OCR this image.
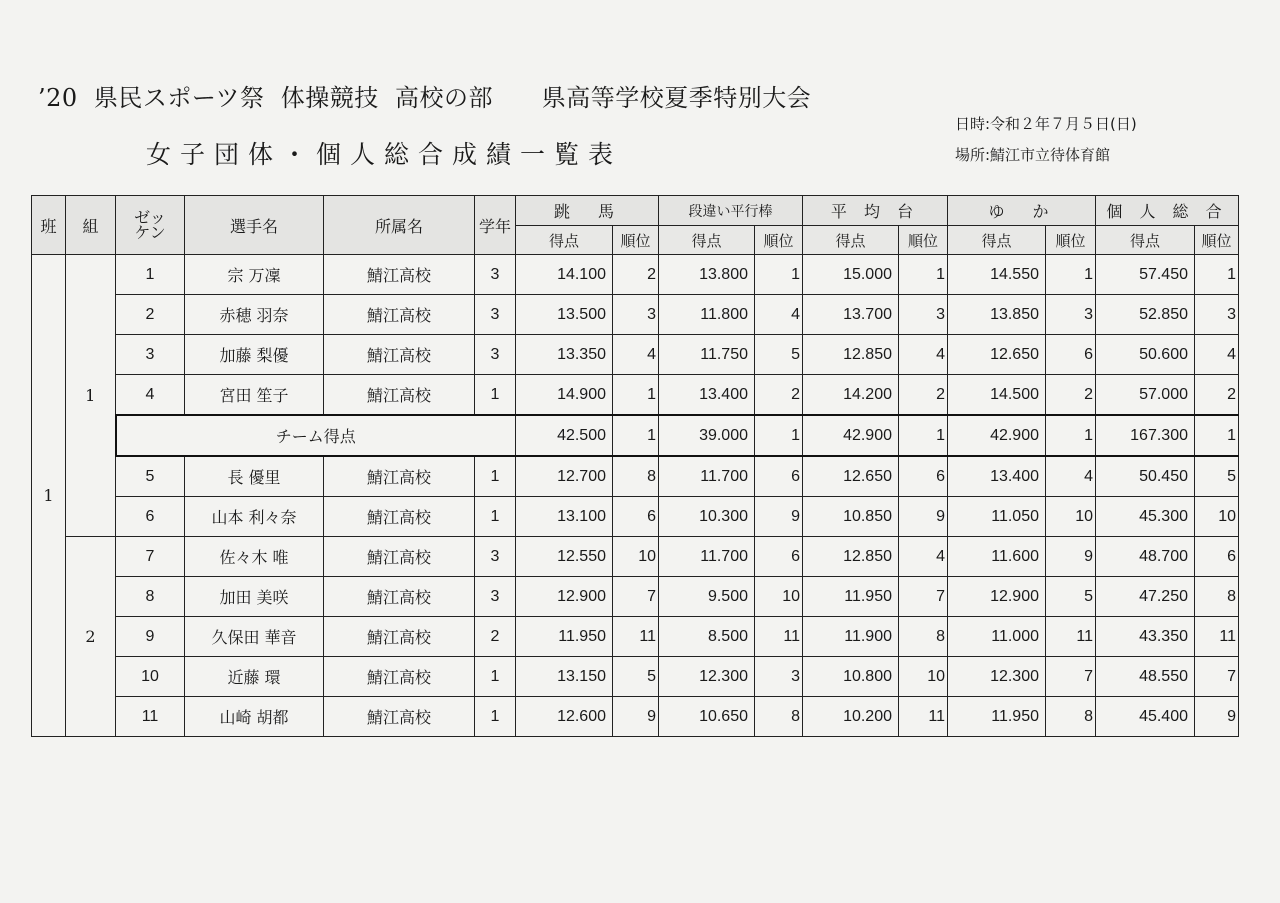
’20  県民スポーツ祭  体操競技  高校の部      県高等学校夏季特別大会
女子団体・個人総合成績一覧表
日時:令和２年７月５日(日)
場所:鯖江市立待体育館
班	組	ゼッ ケン	選手名	所属名	学年	跳　馬		段違い平行棒		平 均 台		ゆ　か		個 人 総 合	
						得点	順位	得点	順位	得点	順位	得点	順位	得点	順位
1	1	1	宗 万凜	鯖江高校	3	14.100	2	13.800	1	15.000	1	14.550	1	57.450	1
		2	赤穂 羽奈	鯖江高校	3	13.500	3	11.800	4	13.700	3	13.850	3	52.850	3
		3	加藤 梨優	鯖江高校	3	13.350	4	11.750	5	12.850	4	12.650	6	50.600	4
		4	宮田 笙子	鯖江高校	1	14.900	1	13.400	2	14.200	2	14.500	2	57.000	2
		チーム得点				42.500	1	39.000	1	42.900	1	42.900	1	167.300	1
		5	長 優里	鯖江高校	1	12.700	8	11.700	6	12.650	6	13.400	4	50.450	5
		6	山本 利々奈	鯖江高校	1	13.100	6	10.300	9	10.850	9	11.050	10	45.300	10
	2	7	佐々木 唯	鯖江高校	3	12.550	10	11.700	6	12.850	4	11.600	9	48.700	6
		8	加田 美咲	鯖江高校	3	12.900	7	9.500	10	11.950	7	12.900	5	47.250	8
		9	久保田 華音	鯖江高校	2	11.950	11	8.500	11	11.900	8	11.000	11	43.350	11
		10	近藤 環	鯖江高校	1	13.150	5	12.300	3	10.800	10	12.300	7	48.550	7
		11	山崎 胡都	鯖江高校	1	12.600	9	10.650	8	10.200	11	11.950	8	45.400	9
